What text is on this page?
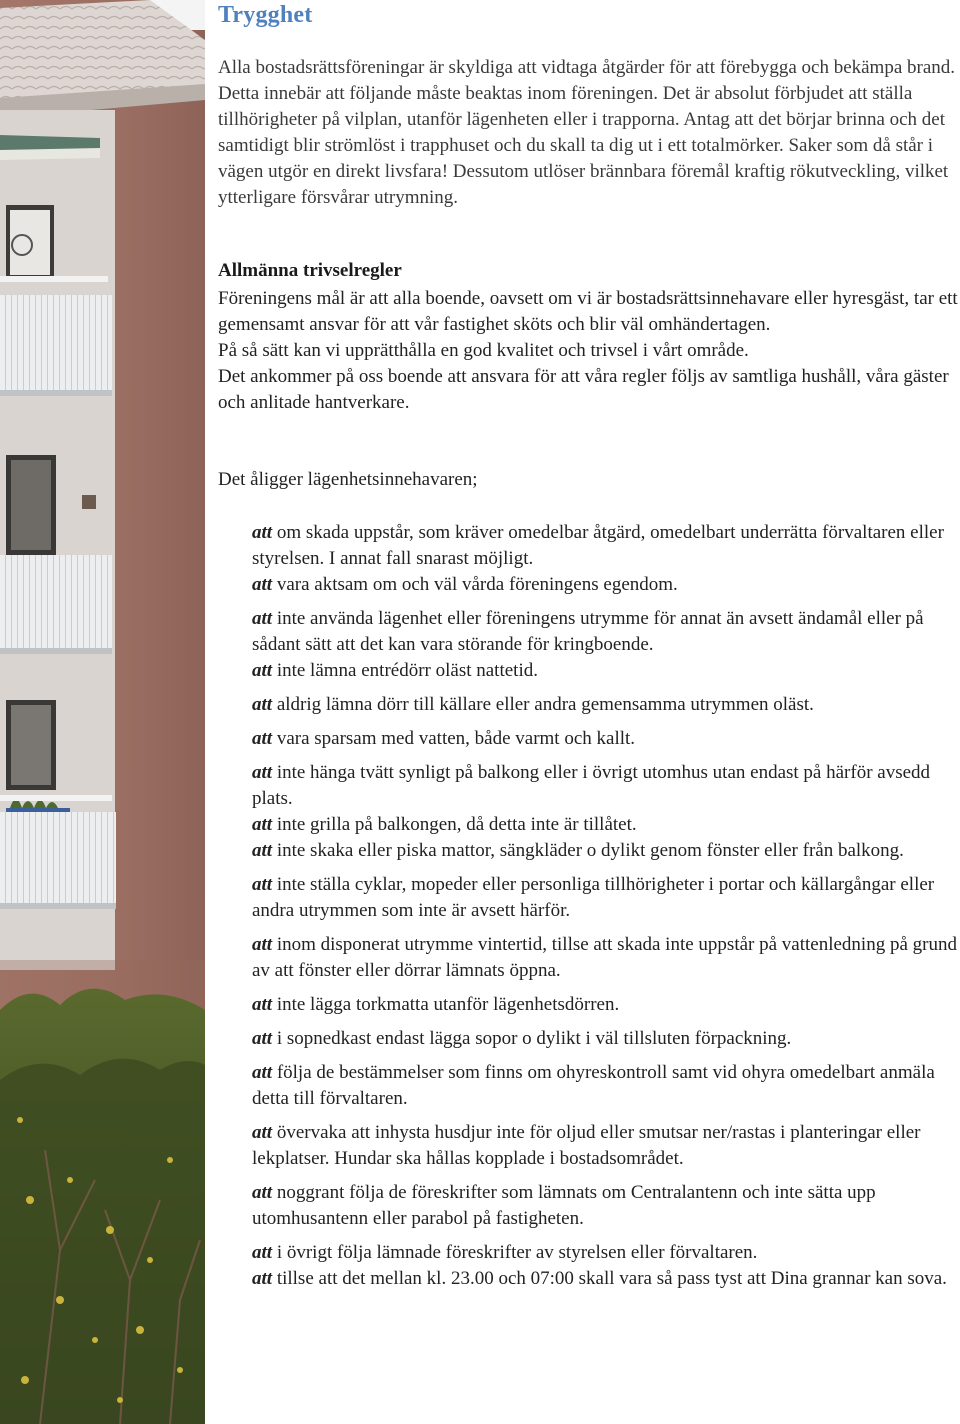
Trygghet

Alla bostadsrättsföreningar är skyldiga att vidtaga åtgärder för att förebygga och bekämpa brand. Detta innebär att följande måste beaktas inom föreningen. Det är absolut förbjudet att ställa tillhörigheter på vilplan, utanför lägenheten eller i trapporna. Antag att det börjar brinna och det samtidigt blir strömlöst i trapphuset och du skall ta dig ut i ett totalmörker. Saker som då står i vägen utgör en direkt livsfara! Dessutom utlöser brännbara föremål kraftig rökutveckling, vilket ytterligare försvårar utrymning.

Allmänna trivselregler

Föreningens mål är att alla boende, oavsett om vi är bostadsrättsinnehavare eller hyresgäst, tar ett gemensamt ansvar för att vår fastighet sköts och blir väl omhändertagen.

På så sätt kan vi upprätthålla en god kvalitet och trivsel i vårt område.

Det ankommer på oss boende att ansvara för att våra regler följs av samtliga hushåll, våra gäster och anlitade hantverkare.

Det åligger lägenhetsinnehavaren;

att om skada uppstår, som kräver omedelbar åtgärd, omedelbart underrätta förvaltaren eller styrelsen. I annat fall snarast möjligt.

att vara aktsam om och väl vårda föreningens egendom.

att inte använda lägenhet eller föreningens utrymme för annat än avsett ändamål eller på sådant sätt att det kan vara störande för kringboende.

att inte lämna entrédörr oläst nattetid.

att aldrig lämna dörr till källare eller andra gemensamma utrymmen oläst.

att vara sparsam med vatten, både varmt och kallt.

att inte hänga tvätt synligt på balkong eller i övrigt utomhus utan endast på härför avsedd plats.

att inte grilla på balkongen, då detta inte är tillåtet.

att inte skaka eller piska mattor, sängkläder o dylikt genom fönster eller från balkong.

att inte ställa cyklar, mopeder eller personliga tillhörigheter i portar och källargångar eller andra utrymmen som inte är avsett härför.

att inom disponerat utrymme vintertid, tillse att skada inte uppstår på vattenledning på grund av att fönster eller dörrar lämnats öppna.

att inte lägga torkmatta utanför lägenhetsdörren.

att i sopnedkast endast lägga sopor o dylikt i väl tillsluten förpackning.

att följa de bestämmelser som finns om ohyreskontroll samt vid ohyra omedelbart anmäla detta till förvaltaren.

att övervaka att inhysta husdjur inte för oljud eller smutsar ner/rastas i planteringar eller lekplatser. Hundar ska hållas kopplade i bostadsområdet.

att noggrant följa de föreskrifter som lämnats om Centralantenn och inte sätta upp utomhusantenn eller parabol på fastigheten.

att i övrigt följa lämnade föreskrifter av styrelsen eller förvaltaren.

att tillse att det mellan kl. 23.00 och 07:00 skall vara så pass tyst att Dina grannar kan sova.
